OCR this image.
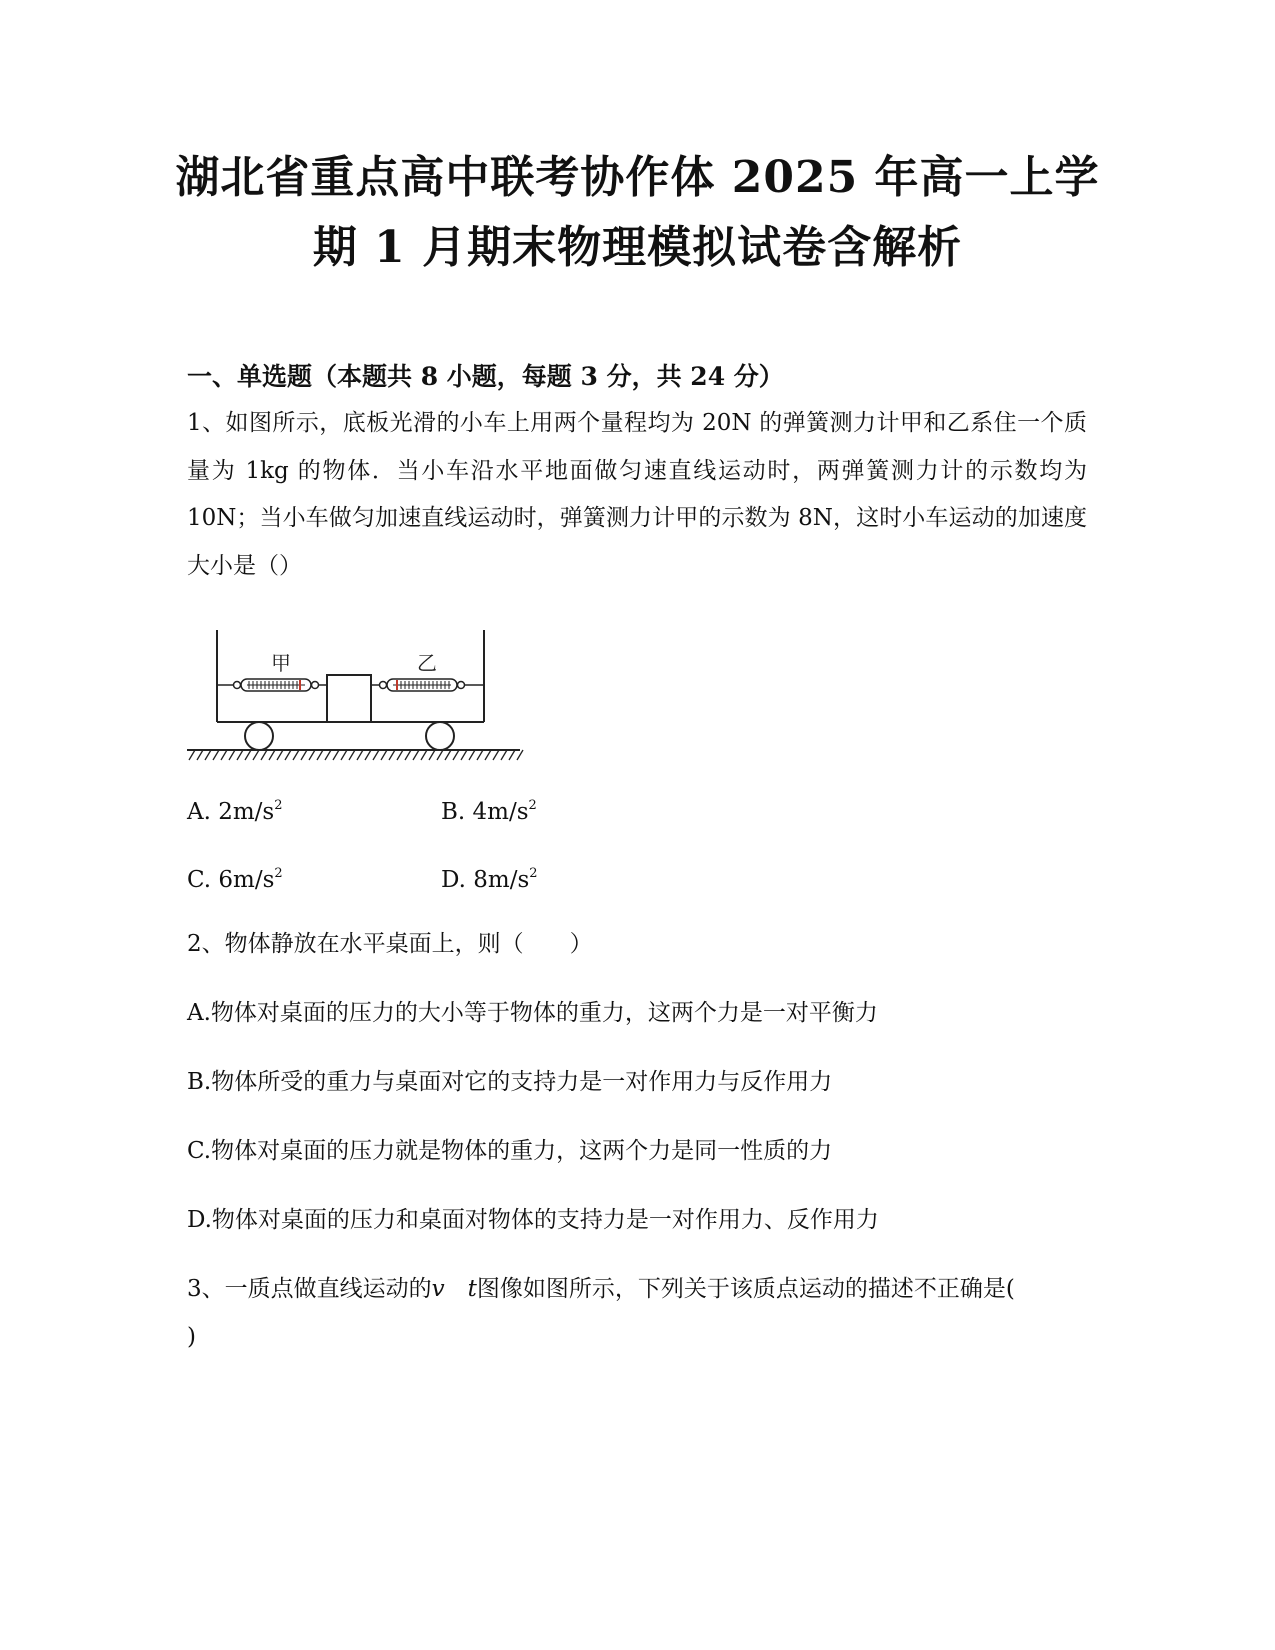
湖北省重点高中联考协作体 2025 年高一上学
期 1 月期末物理模拟试卷含解析
一、单选题（本题共 8 小题，每题 3 分，共 24 分）
1、如图所示，底板光滑的小车上用两个量程均为 20N 的弹簧测力计甲和乙系住一个质量为 1kg 的物体．当小车沿水平地面做匀速直线运动时，两弹簧测力计的示数均为 10N；当小车做匀加速直线运动时，弹簧测力计甲的示数为 8N，这时小车运动的加速度大小是（）
甲	乙
A. $2m/s^2$	B. $4m/s^2$
C. $6m/s^2$	D. $8m/s^2$
2、物体静放在水平桌面上，则（　　）
A.物体对桌面的压力的大小等于物体的重力，这两个力是一对平衡力
B.物体所受的重力与桌面对它的支持力是一对作用力与反作用力
C.物体对桌面的压力就是物体的重力，这两个力是同一性质的力
D.物体对桌面的压力和桌面对物体的支持力是一对作用力、反作用力
3、一质点做直线运动的v　 t图像如图所示，下列关于该质点运动的描述不正确是(
)
